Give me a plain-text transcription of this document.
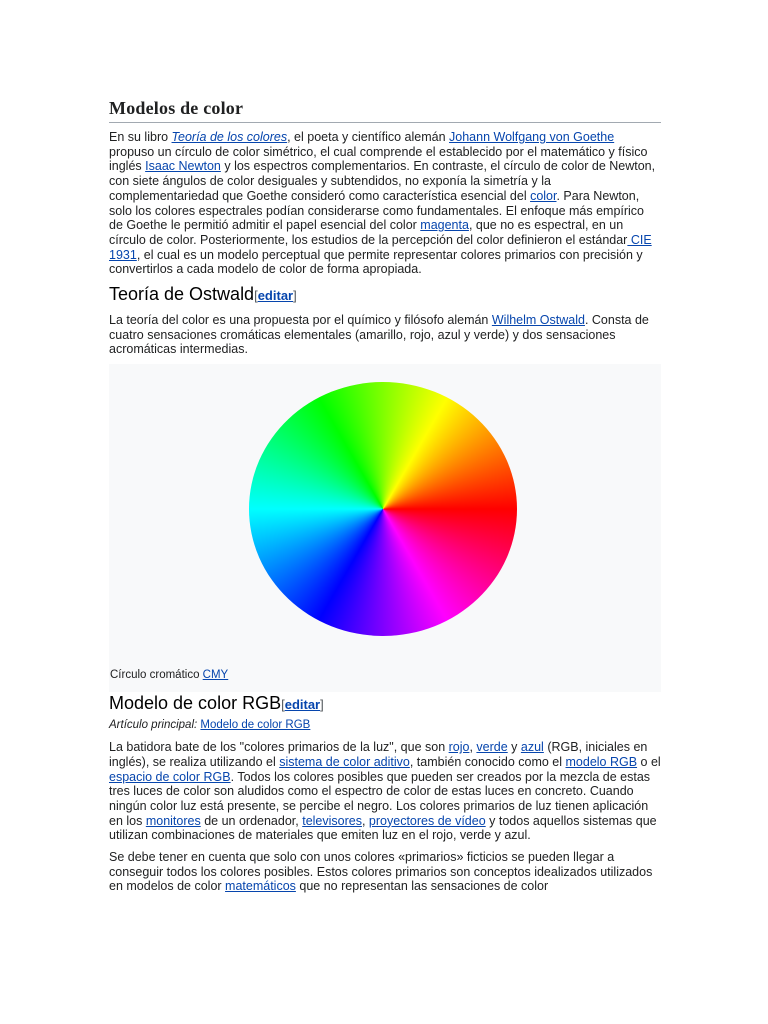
Modelos de color

En su libro Teoría de los colores, el poeta y científico alemán Johann Wolfgang von Goethe propuso un círculo de color simétrico, el cual comprende el establecido por el matemático y físico inglés Isaac Newton y los espectros complementarios. En contraste, el círculo de color de Newton, con siete ángulos de color desiguales y subtendidos, no exponía la simetría y la complementariedad que Goethe consideró como característica esencial del color. Para Newton, solo los colores espectrales podían considerarse como fundamentales. El enfoque más empírico de Goethe le permitió admitir el papel esencial del color magenta, que no es espectral, en un círculo de color. Posteriormente, los estudios de la percepción del color definieron el estándar CIE 1931, el cual es un modelo perceptual que permite representar colores primarios con precisión y convertirlos a cada modelo de color de forma apropiada.

Teoría de Ostwald[editar]

La teoría del color es una propuesta por el químico y filósofo alemán Wilhelm Ostwald. Consta de cuatro sensaciones cromáticas elementales (amarillo, rojo, azul y verde) y dos sensaciones acromáticas intermedias.

Círculo cromático CMY
Modelo de color RGB[editar]
Artículo principal: Modelo de color RGB

La batidora bate de los "colores primarios de la luz", que son rojo, verde y azul (RGB, iniciales en inglés), se realiza utilizando el sistema de color aditivo, también conocido como el modelo RGB o el espacio de color RGB. Todos los colores posibles que pueden ser creados por la mezcla de estas tres luces de color son aludidos como el espectro de color de estas luces en concreto. Cuando ningún color luz está presente, se percibe el negro. Los colores primarios de luz tienen aplicación en los monitores de un ordenador, televisores, proyectores de vídeo y todos aquellos sistemas que utilizan combinaciones de materiales que emiten luz en el rojo, verde y azul.

Se debe tener en cuenta que solo con unos colores «primarios» ficticios se pueden llegar a conseguir todos los colores posibles. Estos colores primarios son conceptos idealizados utilizados en modelos de color matemáticos que no representan las sensaciones de color
